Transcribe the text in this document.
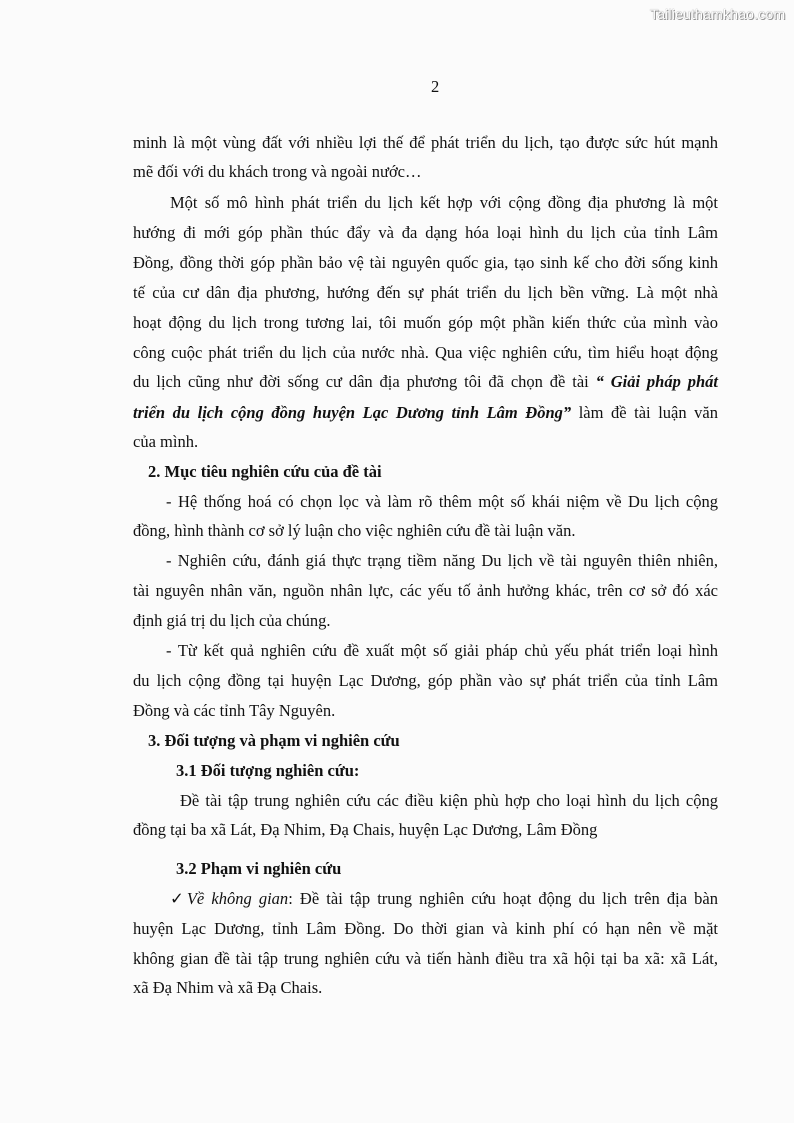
Tailieuthamkhao.com
2
minh là một vùng đất với nhiều lợi thế để phát triển du lịch, tạo được sức hút mạnh
mẽ đối với du khách trong và ngoài nước…
Một số mô hình phát triển du lịch kết hợp với cộng đồng địa phương là một
hướng đi mới góp phần thúc đẩy và đa dạng hóa loại hình du lịch của tỉnh Lâm
Đồng, đồng thời góp phần bảo vệ tài nguyên quốc gia, tạo sinh kế cho đời sống kinh
tế của cư dân địa phương, hướng đến sự phát triển du lịch bền vững. Là một nhà
hoạt động du lịch trong tương lai, tôi muốn góp một phần kiến thức của mình vào
công cuộc phát triển du lịch của nước nhà. Qua việc nghiên cứu, tìm hiểu hoạt động
du lịch cũng như đời sống cư dân địa phương tôi đã chọn đề tài “ Giải pháp phát
triển du lịch cộng đồng huyện Lạc Dương tỉnh Lâm Đồng” làm đề tài luận văn
của mình.
2. Mục tiêu nghiên cứu của đề tài
- Hệ thống hoá có chọn lọc và làm rõ thêm một số khái niệm về Du lịch cộng
đồng, hình thành cơ sở lý luận cho việc nghiên cứu đề tài luận văn.
- Nghiên cứu, đánh giá thực trạng tiềm năng Du lịch về tài nguyên thiên nhiên,
tài nguyên nhân văn, nguồn nhân lực, các yếu tố ảnh hưởng khác, trên cơ sở đó xác
định giá trị du lịch của chúng.
- Từ kết quả nghiên cứu đề xuất một số giải pháp chủ yếu phát triển loại hình
du lịch cộng đồng tại huyện Lạc Dương, góp phần vào sự phát triển của tỉnh Lâm
Đồng và các tỉnh Tây Nguyên.
3. Đối tượng và phạm vi nghiên cứu
3.1 Đối tượng nghiên cứu:
Đề tài tập trung nghiên cứu các điều kiện phù hợp cho loại hình du lịch cộng
đồng tại ba xã Lát, Đạ Nhim, Đạ Chais, huyện Lạc Dương, Lâm Đồng
3.2 Phạm vi nghiên cứu
✓Về không gian: Đề tài tập trung nghiên cứu hoạt động du lịch trên địa bàn
huyện Lạc Dương, tỉnh Lâm Đồng. Do thời gian và kinh phí có hạn nên về mặt
không gian đề tài tập trung nghiên cứu và tiến hành điều tra xã hội tại ba xã: xã Lát,
xã Đạ Nhim và xã Đạ Chais.
